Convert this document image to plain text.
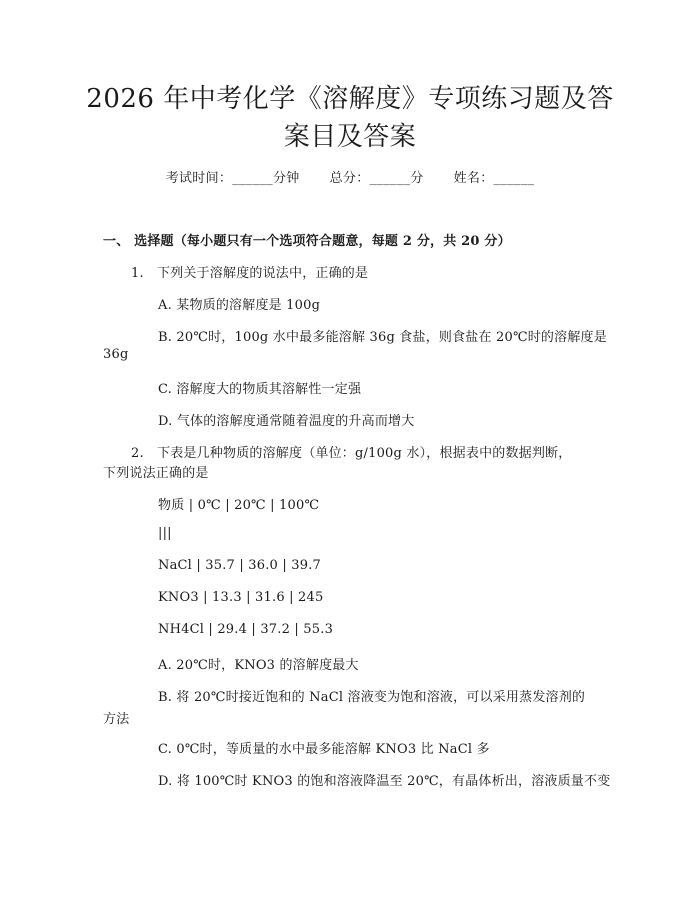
2026 年中考化学《溶解度》专项练习题及答
案目及答案
考试时间：______分钟 总分：______分 姓名：______
一、 选择题（每小题只有一个选项符合题意，每题 2 分，共 20 分）
1.　下列关于溶解度的说法中，正确的是
A. 某物质的溶解度是 100g
B. 20℃时，100g 水中最多能溶解 36g 食盐，则食盐在 20℃时的溶解度是
36g
C. 溶解度大的物质其溶解性一定强
D. 气体的溶解度通常随着温度的升高而增大
2.　下表是几种物质的溶解度（单位：g/100g 水），根据表中的数据判断，
下列说法正确的是
物质 | 0℃ | 20℃ | 100℃
|||
NaCl | 35.7 | 36.0 | 39.7
KNO3 | 13.3 | 31.6 | 245
NH4Cl | 29.4 | 37.2 | 55.3
A. 20℃时，KNO3 的溶解度最大
B. 将 20℃时接近饱和的 NaCl 溶液变为饱和溶液，可以采用蒸发溶剂的
方法
C. 0℃时，等质量的水中最多能溶解 KNO3 比 NaCl 多
D. 将 100℃时 KNO3 的饱和溶液降温至 20℃，有晶体析出，溶液质量不变
